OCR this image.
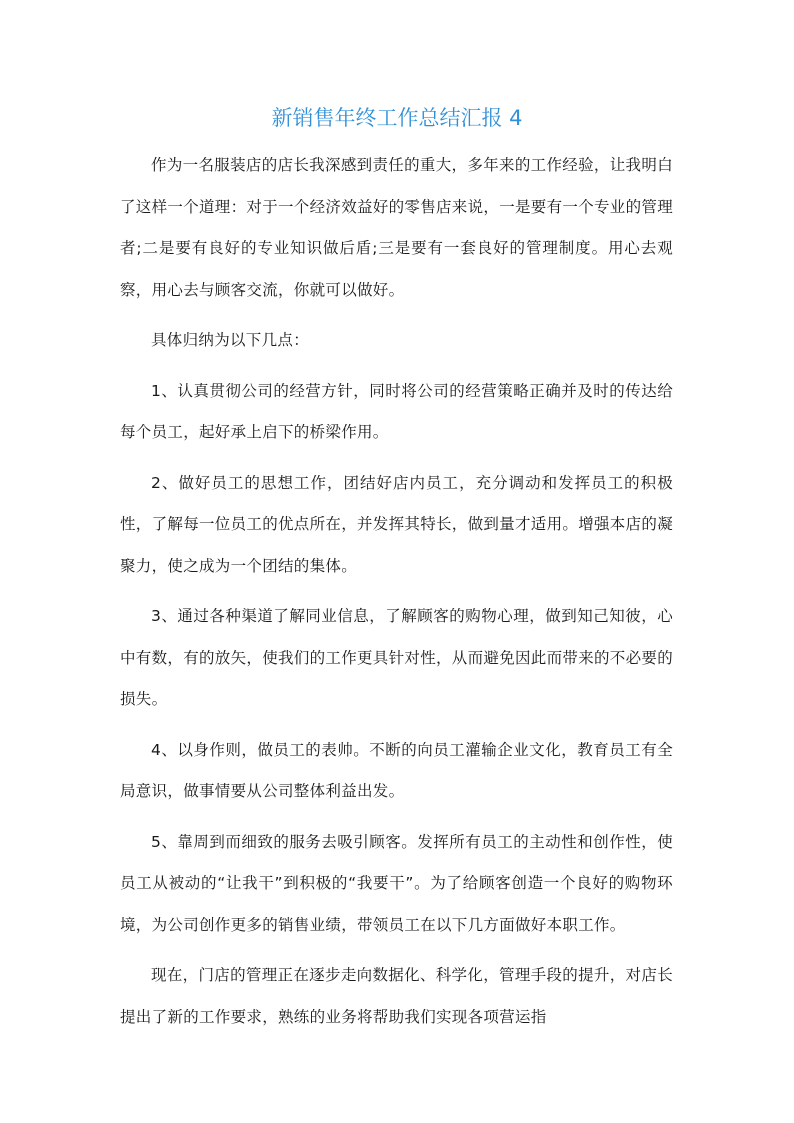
新销售年终工作总结汇报 4

作为一名服装店的店长我深感到责任的重大，多年来的工作经验，让我明白了这样一个道理：对于一个经济效益好的零售店来说，一是要有一个专业的管理者;二是要有良好的专业知识做后盾;三是要有一套良好的管理制度。用心去观察，用心去与顾客交流，你就可以做好。

具体归纳为以下几点：

1、认真贯彻公司的经营方针，同时将公司的经营策略正确并及时的传达给每个员工，起好承上启下的桥梁作用。

2、做好员工的思想工作，团结好店内员工，充分调动和发挥员工的积极性，了解每一位员工的优点所在，并发挥其特长，做到量才适用。增强本店的凝聚力，使之成为一个团结的集体。

3、通过各种渠道了解同业信息，了解顾客的购物心理，做到知己知彼，心中有数，有的放矢，使我们的工作更具针对性，从而避免因此而带来的不必要的损失。

4、以身作则，做员工的表帅。不断的向员工灌输企业文化，教育员工有全局意识，做事情要从公司整体利益出发。

5、靠周到而细致的服务去吸引顾客。发挥所有员工的主动性和创作性，使员工从被动的“让我干”到积极的“我要干”。为了给顾客创造一个良好的购物环境，为公司创作更多的销售业绩，带领员工在以下几方面做好本职工作。

现在，门店的管理正在逐步走向数据化、科学化，管理手段的提升，对店长提出了新的工作要求，熟练的业务将帮助我们实现各项营运指
